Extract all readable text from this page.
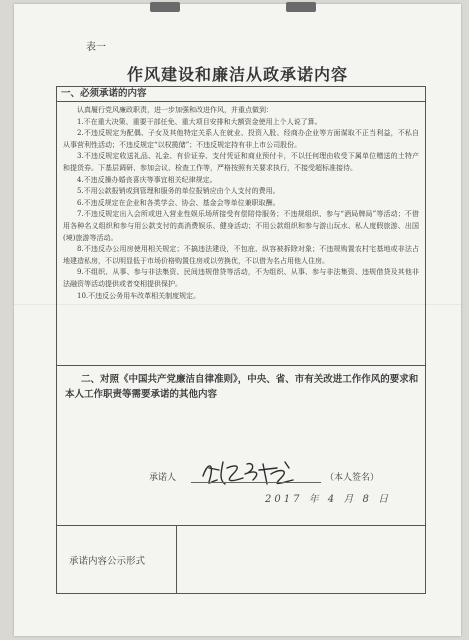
表一
作风建设和廉洁从政承诺内容
一、必须承诺的内容

认真履行党风廉政职责，进一步加强和改进作风，并重点做到：

1.不在重大决策、重要干部任免、重大项目安排和大额资金使用上个人说了算。

2.不违反规定为配偶、子女及其他特定关系人在就业、投资入股、经商办企业等方面谋取不正当利益，不私自从事营利性活动；不违反规定“以权揽储”；不违反规定持有非上市公司股份。

3.不违反规定收送礼品、礼金、有价证券、支付凭证和商业预付卡，不以任何理由收受下属单位赠送的土特产和提货券。下基层调研、参加会议、检查工作等，严格按照有关要求执行，不接受超标准接待。

4.不违反操办婚丧喜庆等事宜相关纪律规定。

5.不用公款报销或到管理和服务的单位报销应由个人支付的费用。

6.不违反规定在企业和各类学会、协会、基金会等单位兼职取酬。

7.不违反规定出入会所或进入营业性娱乐场所接受有偿陪侍服务；不违规组织、参与“酒局牌局”等活动；不借用各种名义组织和参与用公款支付的高消费娱乐、健身活动；不用公款组织和参与游山玩水、私人度假旅游、出国(境)旅游等活动。

8.不违反办公用房使用相关规定；不搞违法建设，不包庇、纵容被拆除对象；不违规购置农村宅基地或非法占地建造私房，不以明显低于市场价格购置住房或以劳换优，不以借为名占用他人住房。

9.不组织、从事、参与非法集资、民间违规借贷等活动，不为组织、从事、参与非法集资、违规借贷及其他非法融资等活动提供或者变相提供保护。

10.不违反公务用车改革相关制度规定。

二、对照《中国共产党廉洁自律准则》，中央、省、市有关改进工作作风的要求和本人工作职责等需要承诺的其他内容
承诺人	（本人签名）
2017 年 4 月 8 日
承诺内容公示形式
